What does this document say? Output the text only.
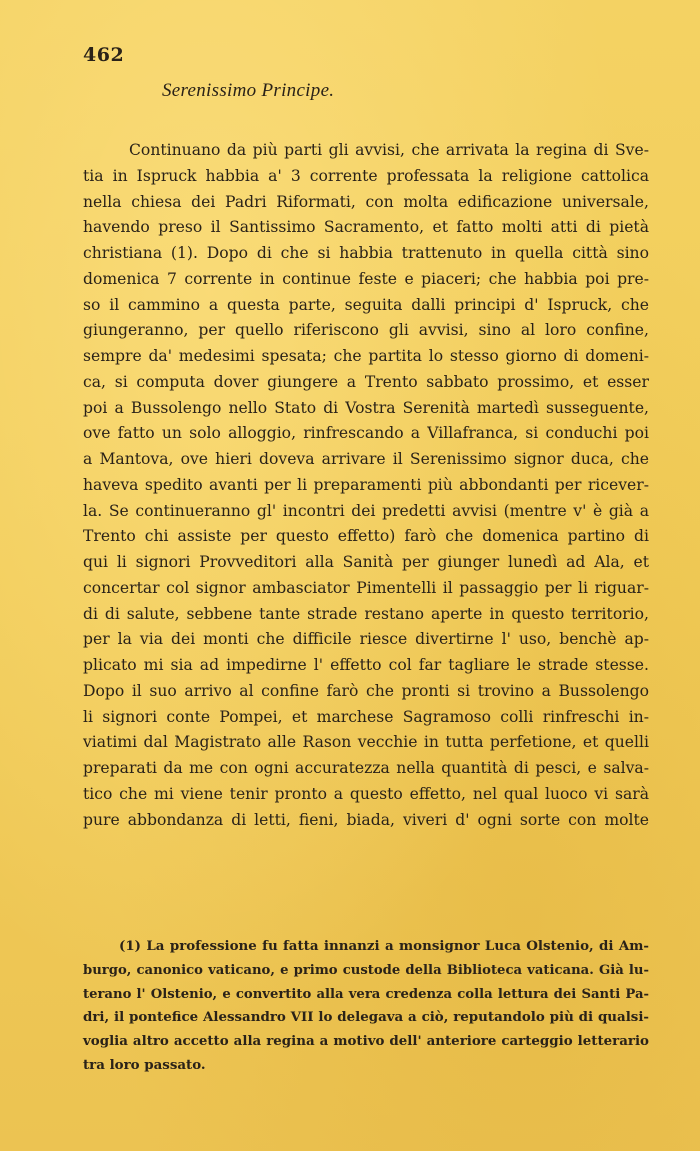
462
Serenissimo Principe.
Continuano da più parti gli avvisi, che arrivata la regina di Sve-
tia in Ispruck habbia a' 3 corrente professata la religione cattolica
nella chiesa dei Padri Riformati, con molta edificazione universale,
havendo preso il Santissimo Sacramento, et fatto molti atti di pietà
christiana (1). Dopo di che si habbia trattenuto in quella città sino
domenica 7 corrente in continue feste e piaceri; che habbia poi pre-
so il cammino a questa parte, seguita dalli principi d' Ispruck, che
giungeranno, per quello riferiscono gli avvisi, sino al loro confine,
sempre da' medesimi spesata; che partita lo stesso giorno di domeni-
ca, si computa dover giungere a Trento sabbato prossimo, et esser
poi a Bussolengo nello Stato di Vostra Serenità martedì susseguente,
ove fatto un solo alloggio, rinfrescando a Villafranca, si conduchi poi
a Mantova, ove hieri doveva arrivare il Serenissimo signor duca, che
haveva spedito avanti per li preparamenti più abbondanti per ricever-
la. Se continueranno gl' incontri dei predetti avvisi (mentre v' è già a
Trento chi assiste per questo effetto) farò che domenica partino di
qui li signori Provveditori alla Sanità per giunger lunedì ad Ala, et
concertar col signor ambasciator Pimentelli il passaggio per li riguar-
di di salute, sebbene tante strade restano aperte in questo territorio,
per la via dei monti che difficile riesce divertirne l' uso, benchè ap-
plicato mi sia ad impedirne l' effetto col far tagliare le strade stesse.
Dopo il suo arrivo al confine farò che pronti si trovino a Bussolengo
li signori conte Pompei, et marchese Sagramoso colli rinfreschi in-
viatimi dal Magistrato alle Rason vecchie in tutta perfetione, et quelli
preparati da me con ogni accuratezza nella quantità di pesci, e salva-
tico che mi viene tenir pronto a questo effetto, nel qual luoco vi sarà
pure abbondanza di letti, fieni, biada, viveri d' ogni sorte con molte
(1) La professione fu fatta innanzi a monsignor Luca Olstenio, di Am-
burgo, canonico vaticano, e primo custode della Biblioteca vaticana. Già lu-
terano l' Olstenio, e convertito alla vera credenza colla lettura dei Santi Pa-
dri, il pontefice Alessandro VII lo delegava a ciò, reputandolo più di qualsi-
voglia altro accetto alla regina a motivo dell' anteriore carteggio letterario
tra loro passato.
